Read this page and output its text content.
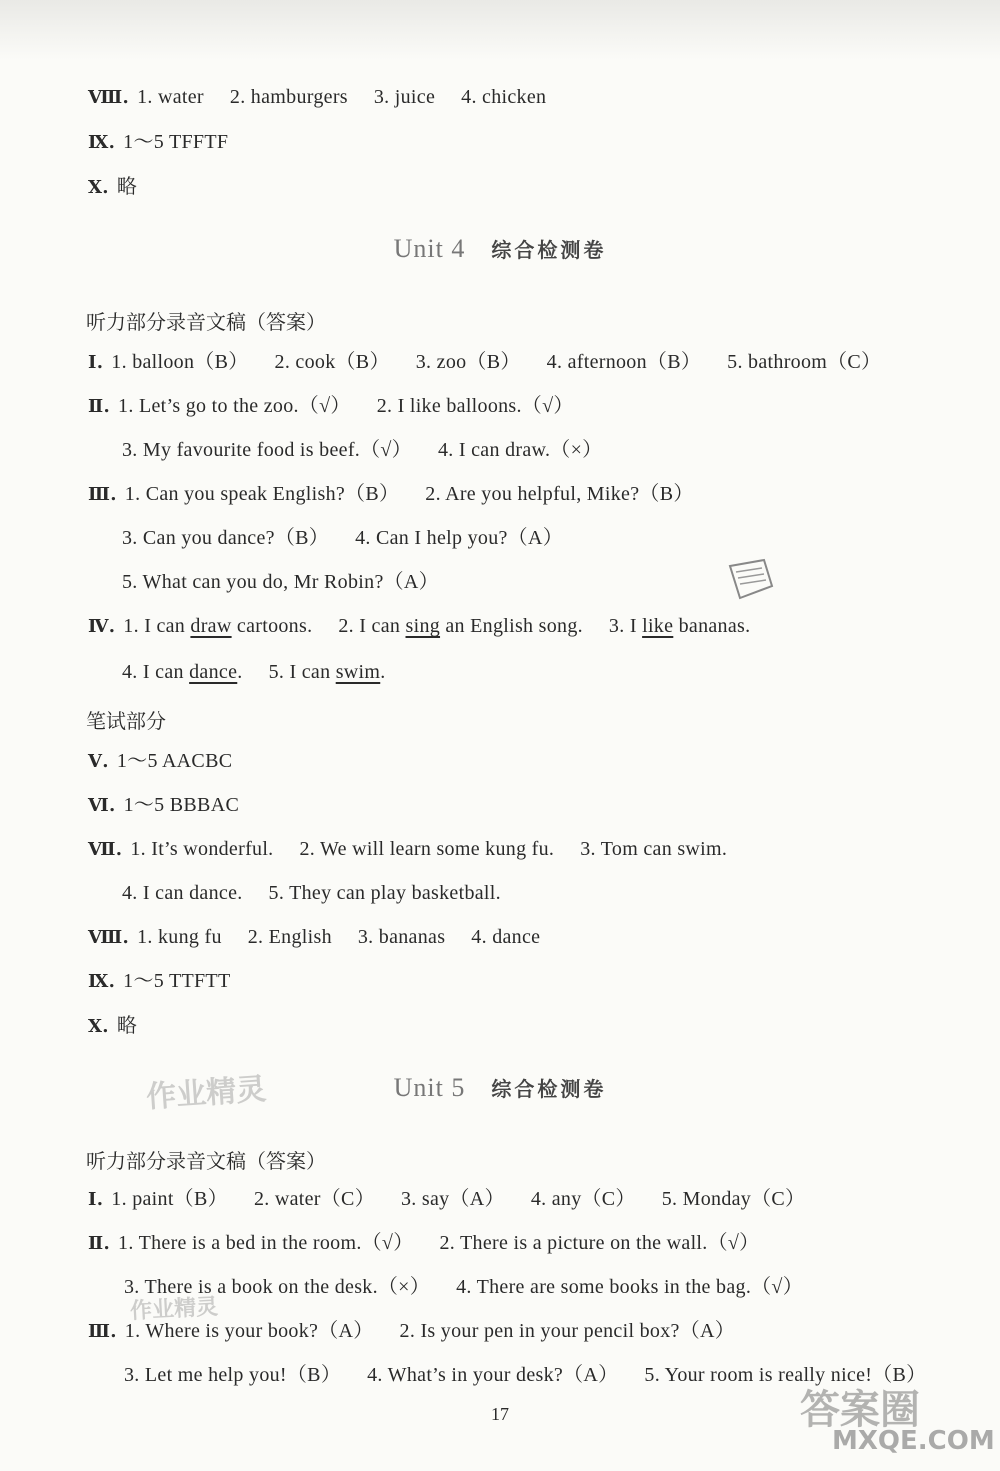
Ⅷ. 1. water 2. hamburgers 3. juice 4. chicken
Ⅸ. 1～5 TFFTF
Ⅹ. 略
Unit 4 综合检测卷
听力部分录音文稿（答案）
Ⅰ. 1. balloon（B） 2. cook（B） 3. zoo（B） 4. afternoon（B） 5. bathroom（C）
Ⅱ. 1. Let’s go to the zoo.（√） 2. I like balloons.（√）
3. My favourite food is beef.（√） 4. I can draw.（×）
Ⅲ. 1. Can you speak English?（B） 2. Are you helpful, Mike?（B）
3. Can you dance?（B） 4. Can I help you?（A）
5. What can you do, Mr Robin?（A）
Ⅳ. 1. I can draw cartoons. 2. I can sing an English song. 3. I like bananas.
4. I can dance. 5. I can swim.
笔试部分
Ⅴ. 1～5 AACBC
Ⅵ. 1～5 BBBAC
Ⅶ. 1. It’s wonderful. 2. We will learn some kung fu. 3. Tom can swim.
4. I can dance. 5. They can play basketball.
Ⅷ. 1. kung fu 2. English 3. bananas 4. dance
Ⅸ. 1～5 TTFTT
Ⅹ. 略
作业精灵	Unit 5 综合检测卷
听力部分录音文稿（答案）
Ⅰ. 1. paint（B） 2. water（C） 3. say（A） 4. any（C） 5. Monday（C）
Ⅱ. 1. There is a bed in the room.（√） 2. There is a picture on the wall.（√）
3. There is a book on the desk.（×） 4. There are some books in the bag.（√）
作业精灵
Ⅲ. 1. Where is your book?（A） 2. Is your pen in your pencil box?（A）
3. Let me help you!（B） 4. What’s in your desk?（A） 5. Your room is really nice!（B）
17	答案圈
MXQE.COM
